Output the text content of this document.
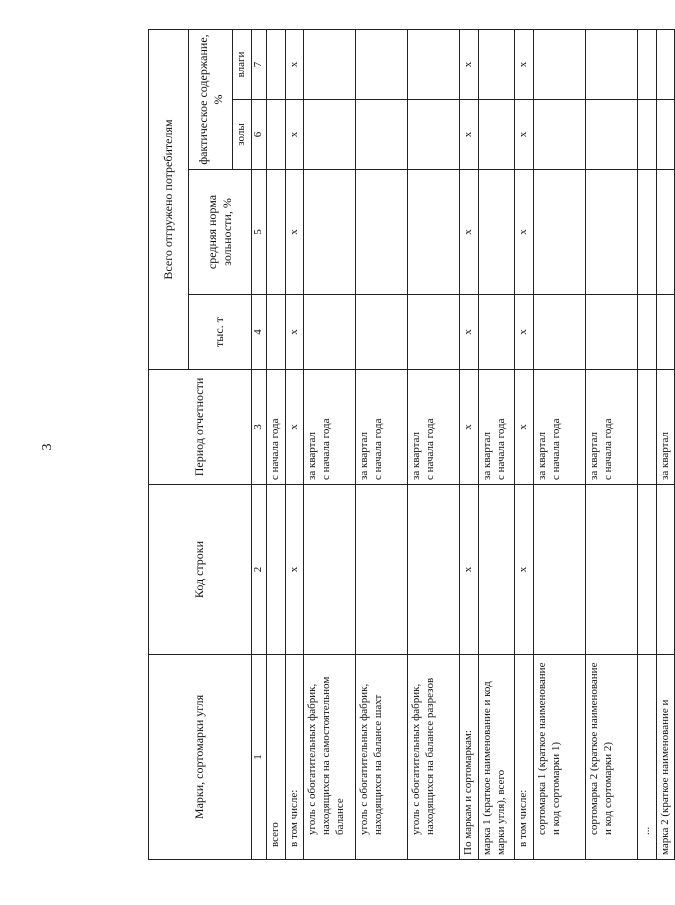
3
Марки, сортомарки угля	Код строки	Период отчетности	Всего отгружено потребителям			
			тыс. т	средняя норма зольности, %	фактическое содержание, %	
					золы	влаги
1	2	3	4	5	6	7
всего		с начала года				
в том числе:	x	x	x	x	x	x
уголь с обогатительных фабрик, находящихся на самостоятельном балансе		за квартал
с начала года				
уголь с обогатительных фабрик, находящихся на балансе шахт		за квартал
с начала года				
уголь с обогатительных фабрик, находящихся на балансе разрезов		за квартал
с начала года				
По маркам и сортомаркам:	x	x	x	x	x	x
марка 1 (краткое наименование и код марки угля), всего		за квартал
с начала года				
в том числе:	x	x	x	x	x	x
сортомарка 1 (краткое наименование и код сортомарки 1)		за квартал
с начала года				
сортомарка 2 (краткое наименование и код сортомарки 2)		за квартал
с начала года				
...						
марка 2 (краткое наименование и		за квартал				
